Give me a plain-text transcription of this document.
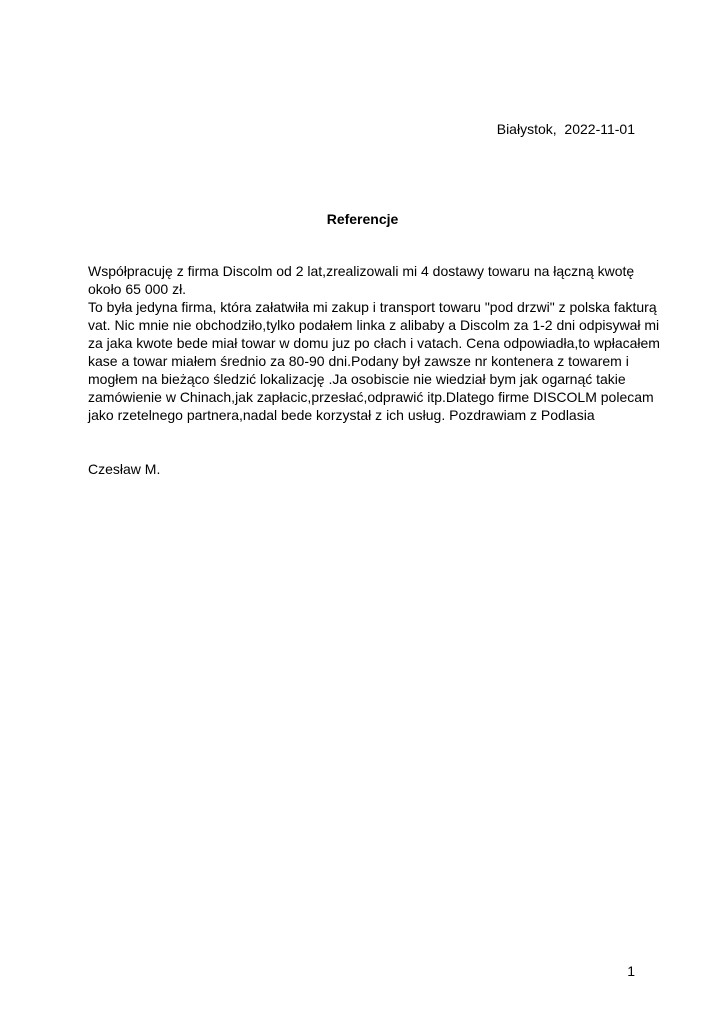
Białystok,  2022-11-01
Referencje
Współpracuję z firma Discolm od 2 lat,zrealizowali mi 4 dostawy towaru na łączną kwotę
około 65 000 zł.
To była jedyna firma, która załatwiła mi zakup i transport towaru "pod drzwi" z polska fakturą
vat. Nic mnie nie obchodziło,tylko podałem linka z alibaby a Discolm za 1-2 dni odpisywał mi
za jaka kwote bede miał towar w domu juz po cłach i vatach. Cena odpowiadła,to wpłacałem
kase a towar miałem średnio za 80-90 dni.Podany był zawsze nr kontenera z towarem i
mogłem na bieżąco śledzić lokalizację .Ja osobiscie nie wiedział bym jak ogarnąć takie
zamówienie w Chinach,jak zapłacic,przesłać,odprawić itp.Dlatego firme DISCOLM polecam
jako rzetelnego partnera,nadal bede korzystał z ich usług. Pozdrawiam z Podlasia
Czesław M.
1
